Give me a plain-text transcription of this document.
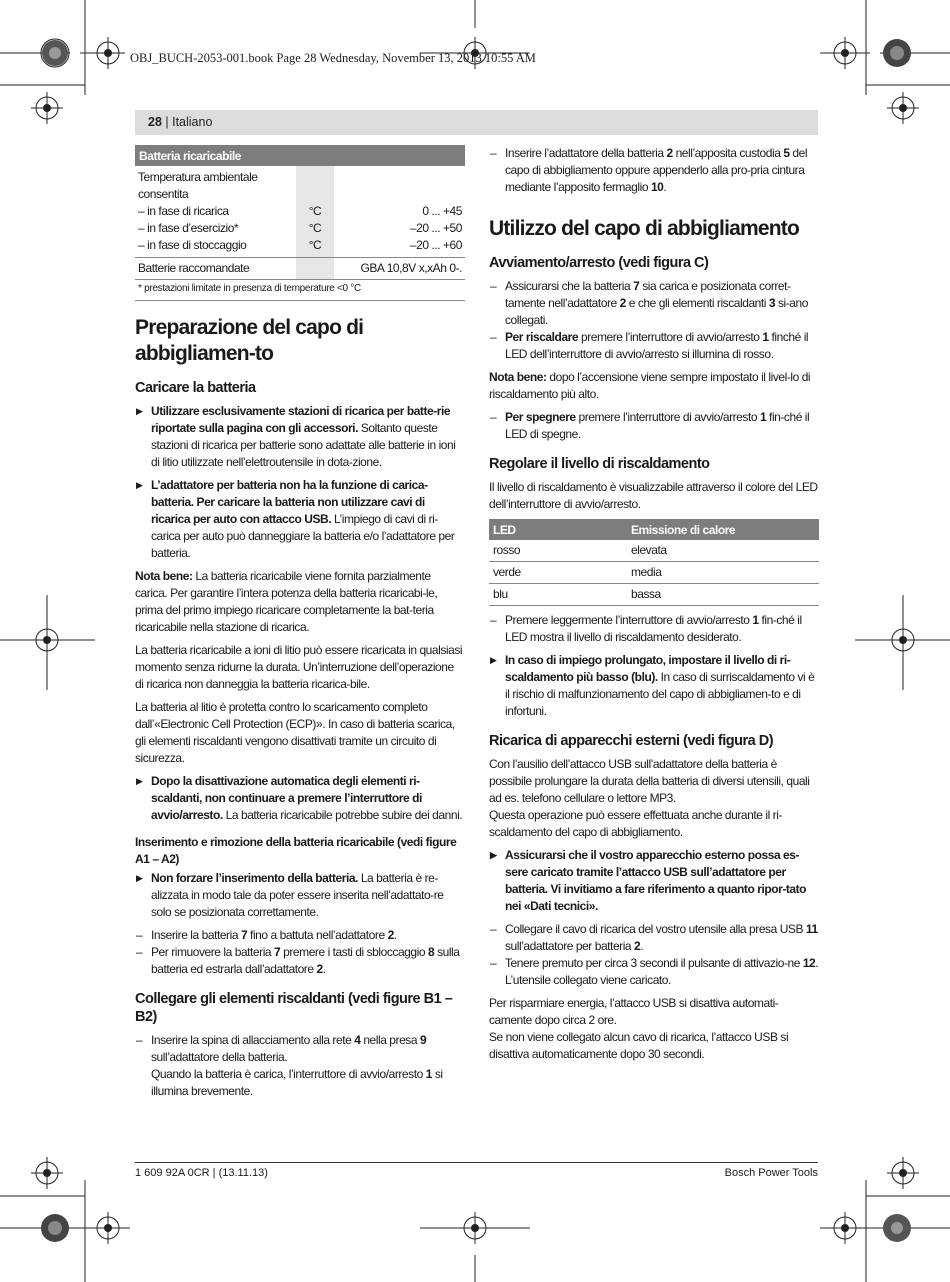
OBJ_BUCH-2053-001.book Page 28 Wednesday, November 13, 2013 10:55 AM
28 | Italiano
Batteria ricaricabile		
Temperatura ambientale consentita		
– in fase di ricarica	°C	0 ... +45
– in fase d’esercizio*	°C	–20 ... +50
– in fase di stoccaggio	°C	–20 ... +60
Batterie raccomandate		GBA 10,8V x,xAh 0-.
* prestazioni limitate in presenza di temperature <0 °C
Preparazione del capo di abbigliamen-to
Caricare la batteria

▶ Utilizzare esclusivamente stazioni di ricarica per batte-rie riportate sulla pagina con gli accessori. Soltanto queste stazioni di ricarica per batterie sono adattate alle batterie in ioni di litio utilizzate nell’elettroutensile in dota-zione.

▶ L’adattatore per batteria non ha la funzione di carica-batteria. Per caricare la batteria non utilizzare cavi di ricarica per auto con attacco USB. L’impiego di cavi di ri-carica per auto può danneggiare la batteria e/o l’adattatore per batteria.

Nota bene: La batteria ricaricabile viene fornita parzialmente carica. Per garantire l’intera potenza della batteria ricaricabi-le, prima del primo impiego ricaricare completamente la bat-teria ricaricabile nella stazione di ricarica.

La batteria ricaricabile a ioni di litio può essere ricaricata in qualsiasi momento senza ridurne la durata. Un’interruzione dell’operazione di ricarica non danneggia la batteria ricarica-bile.

La batteria al litio è protetta contro lo scaricamento completo dall’«Electronic Cell Protection (ECP)». In caso di batteria scarica, gli elementi riscaldanti vengono disattivati tramite un circuito di sicurezza.

▶ Dopo la disattivazione automatica degli elementi ri-scaldanti, non continuare a premere l’interruttore di avvio/arresto. La batteria ricaricabile potrebbe subire dei danni.

Inserimento e rimozione della batteria ricaricabile (vedi figure A1 – A2)

▶ Non forzare l’inserimento della batteria. La batteria è re-alizzata in modo tale da poter essere inserita nell’adattato-re solo se posizionata correttamente.

– Inserire la batteria 7 fino a battuta nell’adattatore 2.

– Per rimuovere la batteria 7 premere i tasti di sbloccaggio 8 sulla batteria ed estrarla dall’adattatore 2.

Collegare gli elementi riscaldanti (vedi figure B1 – B2)

– Inserire la spina di allacciamento alla rete 4 nella presa 9 sull’adattatore della batteria.

Quando la batteria è carica, l’interruttore di avvio/arresto 1 si illumina brevemente.

– Inserire l’adattatore della batteria 2 nell’apposita custodia 5 del capo di abbigliamento oppure appenderlo alla pro-pria cintura mediante l’apposito fermaglio 10.

Utilizzo del capo di abbigliamento
Avviamento/arresto (vedi figura C)

– Assicurarsi che la batteria 7 sia carica e posizionata corret-tamente nell’adattatore 2 e che gli elementi riscaldanti 3 si-ano collegati.

– Per riscaldare premere l’interruttore di avvio/arresto 1 finché il LED dell’interruttore di avvio/arresto si illumina di rosso.

Nota bene: dopo l’accensione viene sempre impostato il livel-lo di riscaldamento più alto.

– Per spegnere premere l’interruttore di avvio/arresto 1 fin-ché il LED di spegne.

Regolare il livello di riscaldamento

Il livello di riscaldamento è visualizzabile attraverso il colore del LED dell’interruttore di avvio/arresto.

LED	Emissione di calore
rosso	elevata
verde	media
blu	bassa

– Premere leggermente l’interruttore di avvio/arresto 1 fin-ché il LED mostra il livello di riscaldamento desiderato.

▶ In caso di impiego prolungato, impostare il livello di ri-scaldamento più basso (blu). In caso di surriscaldamento vi è il rischio di malfunzionamento del capo di abbigliamen-to e di infortuni.

Ricarica di apparecchi esterni (vedi figura D)

Con l’ausilio dell’attacco USB sull’adattatore della batteria è possibile prolungare la durata della batteria di diversi utensili, quali ad es. telefono cellulare o lettore MP3.

Questa operazione può essere effettuata anche durante il ri-scaldamento del capo di abbigliamento.

▶ Assicurarsi che il vostro apparecchio esterno possa es-sere caricato tramite l’attacco USB sull’adattatore per batteria. Vi invitiamo a fare riferimento a quanto ripor-tato nei «Dati tecnici».

– Collegare il cavo di ricarica del vostro utensile alla presa USB 11 sull’adattatore per batteria 2.

– Tenere premuto per circa 3 secondi il pulsante di attivazio-ne 12.

L’utensile collegato viene caricato.

Per risparmiare energia, l’attacco USB si disattiva automati-camente dopo circa 2 ore.

Se non viene collegato alcun cavo di ricarica, l’attacco USB si disattiva automaticamente dopo 30 secondi.

1 609 92A 0CR | (13.11.13)	Bosch Power Tools
